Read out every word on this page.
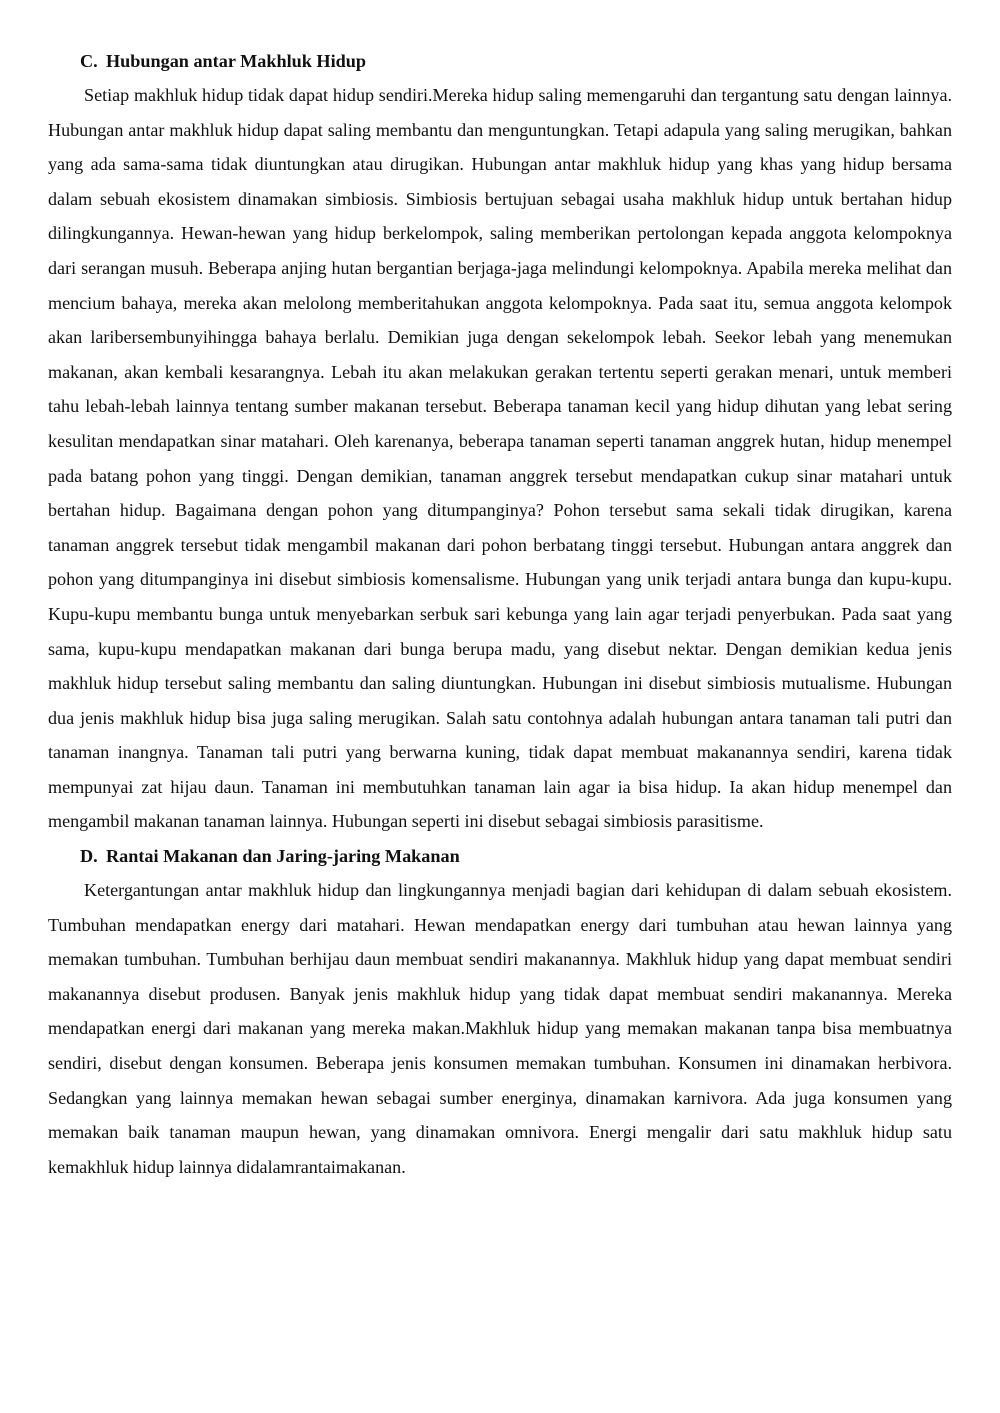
C. Hubungan antar Makhluk Hidup

Setiap makhluk hidup tidak dapat hidup sendiri.Mereka hidup saling memengaruhi dan tergantung satu dengan lainnya. Hubungan antar makhluk hidup dapat saling membantu dan menguntungkan. Tetapi adapula yang saling merugikan, bahkan yang ada sama-sama tidak diuntungkan atau dirugikan. Hubungan antar makhluk hidup yang khas yang hidup bersama dalam sebuah ekosistem dinamakan simbiosis. Simbiosis bertujuan sebagai usaha makhluk hidup untuk bertahan hidup dilingkungannya. Hewan-hewan yang hidup berkelompok, saling memberikan pertolongan kepada anggota kelompoknya dari serangan musuh. Beberapa anjing hutan bergantian berjaga-jaga melindungi kelompoknya. Apabila mereka melihat dan mencium bahaya, mereka akan melolong memberitahukan anggota kelompoknya. Pada saat itu, semua anggota kelompok akan laribersembunyihingga bahaya berlalu. Demikian juga dengan sekelompok lebah. Seekor lebah yang menemukan makanan, akan kembali kesarangnya. Lebah itu akan melakukan gerakan tertentu seperti gerakan menari, untuk memberi tahu lebah-lebah lainnya tentang sumber makanan tersebut. Beberapa tanaman kecil yang hidup dihutan yang lebat sering kesulitan mendapatkan sinar matahari. Oleh karenanya, beberapa tanaman seperti tanaman anggrek hutan, hidup menempel pada batang pohon yang tinggi. Dengan demikian, tanaman anggrek tersebut mendapatkan cukup sinar matahari untuk bertahan hidup. Bagaimana dengan pohon yang ditumpanginya? Pohon tersebut sama sekali tidak dirugikan, karena tanaman anggrek tersebut tidak mengambil makanan dari pohon berbatang tinggi tersebut. Hubungan antara anggrek dan pohon yang ditumpanginya ini disebut simbiosis komensalisme. Hubungan yang unik terjadi antara bunga dan kupu-kupu. Kupu-kupu membantu bunga untuk menyebarkan serbuk sari kebunga yang lain agar terjadi penyerbukan. Pada saat yang sama, kupu-kupu mendapatkan makanan dari bunga berupa madu, yang disebut nektar. Dengan demikian kedua jenis makhluk hidup tersebut saling membantu dan saling diuntungkan. Hubungan ini disebut simbiosis mutualisme. Hubungan dua jenis makhluk hidup bisa juga saling merugikan. Salah satu contohnya adalah hubungan antara tanaman tali putri dan tanaman inangnya. Tanaman tali putri yang berwarna kuning, tidak dapat membuat makanannya sendiri, karena tidak mempunyai zat hijau daun. Tanaman ini membutuhkan tanaman lain agar ia bisa hidup. Ia akan hidup menempel dan mengambil makanan tanaman lainnya. Hubungan seperti ini disebut sebagai simbiosis parasitisme.

D. Rantai Makanan dan Jaring-jaring Makanan

Ketergantungan antar makhluk hidup dan lingkungannya menjadi bagian dari kehidupan di dalam sebuah ekosistem. Tumbuhan mendapatkan energy dari matahari. Hewan mendapatkan energy dari tumbuhan atau hewan lainnya yang memakan tumbuhan. Tumbuhan berhijau daun membuat sendiri makanannya. Makhluk hidup yang dapat membuat sendiri makanannya disebut produsen. Banyak jenis makhluk hidup yang tidak dapat membuat sendiri makanannya. Mereka mendapatkan energi dari makanan yang mereka makan.Makhluk hidup yang memakan makanan tanpa bisa membuatnya sendiri, disebut dengan konsumen. Beberapa jenis konsumen memakan tumbuhan. Konsumen ini dinamakan herbivora. Sedangkan yang lainnya memakan hewan sebagai sumber energinya, dinamakan karnivora. Ada juga konsumen yang memakan baik tanaman maupun hewan, yang dinamakan omnivora. Energi mengalir dari satu makhluk hidup satu kemakhluk hidup lainnya didalamrantaimakanan.
